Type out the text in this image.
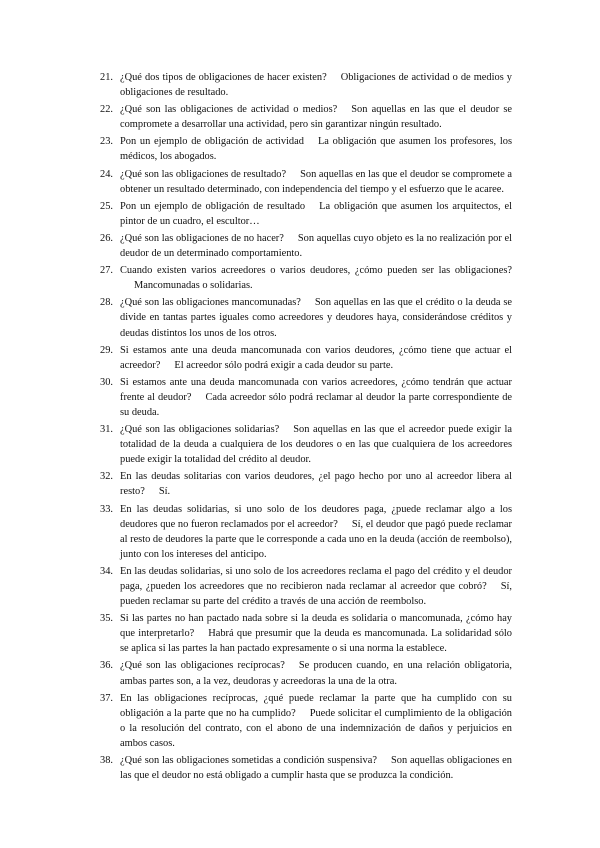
21. ¿Qué dos tipos de obligaciones de hacer existen? Obligaciones de actividad o de medios y obligaciones de resultado.
22. ¿Qué son las obligaciones de actividad o medios? Son aquellas en las que el deudor se compromete a desarrollar una actividad, pero sin garantizar ningún resultado.
23. Pon un ejemplo de obligación de actividad La obligación que asumen los profesores, los médicos, los abogados.
24. ¿Qué son las obligaciones de resultado? Son aquellas en las que el deudor se compromete a obtener un resultado determinado, con independencia del tiempo y el esfuerzo que le acaree.
25. Pon un ejemplo de obligación de resultado La obligación que asumen los arquitectos, el pintor de un cuadro, el escultor…
26. ¿Qué son las obligaciones de no hacer? Son aquellas cuyo objeto es la no realización por el deudor de un determinado comportamiento.
27. Cuando existen varios acreedores o varios deudores, ¿cómo pueden ser las obligaciones?Mancomunadas o solidarias.
28. ¿Qué son las obligaciones mancomunadas? Son aquellas en las que el crédito o la deuda se divide en tantas partes iguales como acreedores y deudores haya, considerándose créditos y deudas distintos los unos de los otros.
29. Si estamos ante una deuda mancomunada con varios deudores, ¿cómo tiene que actuar el acreedor? El acreedor sólo podrá exigir a cada deudor su parte.
30. Si estamos ante una deuda mancomunada con varios acreedores, ¿cómo tendrán que actuar frente al deudor? Cada acreedor sólo podrá reclamar al deudor la parte correspondiente de su deuda.
31. ¿Qué son las obligaciones solidarias? Son aquellas en las que el acreedor puede exigir la totalidad de la deuda a cualquiera de los deudores o en las que cualquiera de los acreedores puede exigir la totalidad del crédito al deudor.
32. En las deudas solitarias con varios deudores, ¿el pago hecho por uno al acreedor libera al resto? Sí.
33. En las deudas solidarias, si uno solo de los deudores paga, ¿puede reclamar algo a los deudores que no fueron reclamados por el acreedor? Sí, el deudor que pagó puede reclamar al resto de deudores la parte que le corresponde a cada uno en la deuda (acción de reembolso), junto con los intereses del anticipo.
34. En las deudas solidarias, si uno solo de los acreedores reclama el pago del crédito y el deudor paga, ¿pueden los acreedores que no recibieron nada reclamar al acreedor que cobró? Sí, pueden reclamar su parte del crédito a través de una acción de reembolso.
35. Si las partes no han pactado nada sobre si la deuda es solidaria o mancomunada, ¿cómo hay que interpretarlo? Habrá que presumir que la deuda es mancomunada. La solidaridad sólo se aplica si las partes la han pactado expresamente o si una norma la establece.
36. ¿Qué son las obligaciones recíprocas? Se producen cuando, en una relación obligatoria, ambas partes son, a la vez, deudoras y acreedoras la una de la otra.
37. En las obligaciones recíprocas, ¿qué puede reclamar la parte que ha cumplido con su obligación a la parte que no ha cumplido? Puede solicitar el cumplimiento de la obligación o la resolución del contrato, con el abono de una indemnización de daños y perjuicios en ambos casos.
38. ¿Qué son las obligaciones sometidas a condición suspensiva? Son aquellas obligaciones en las que el deudor no está obligado a cumplir hasta que se produzca la condición.
